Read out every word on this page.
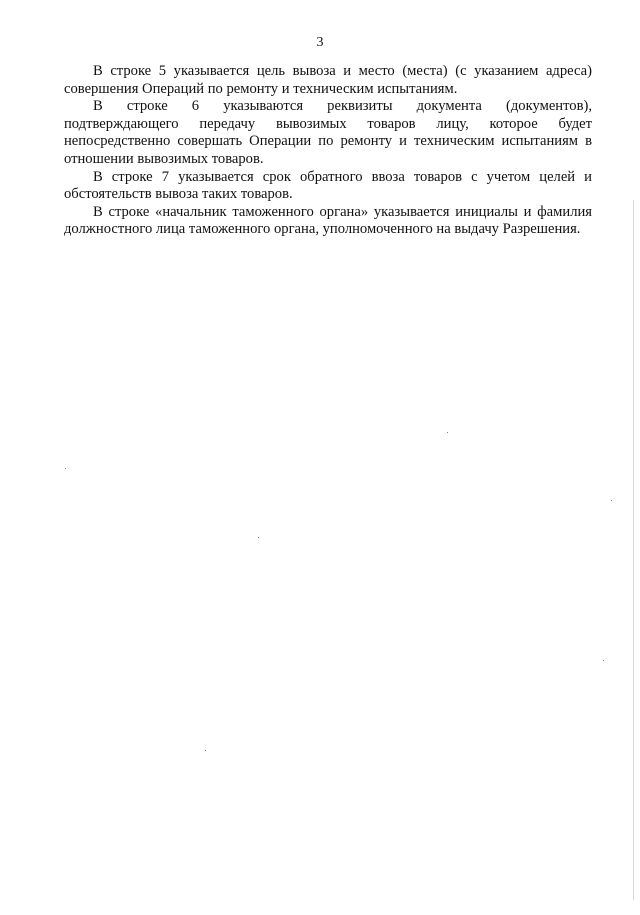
3

В строке 5 указывается цель вывоза и место (места) (с указанием адреса)
совершения Операций по ремонту и техническим испытаниям.

В строке 6 указываются реквизиты документа (документов),
подтверждающего передачу вывозимых товаров лицу, которое будет
непосредственно совершать Операции по ремонту и техническим испытаниям в
отношении вывозимых товаров.

В строке 7 указывается срок обратного ввоза товаров с учетом целей и
обстоятельств вывоза таких товаров.

В строке «начальник таможенного органа» указывается инициалы и фамилия
должностного лица таможенного органа, уполномоченного на выдачу Разрешения.
